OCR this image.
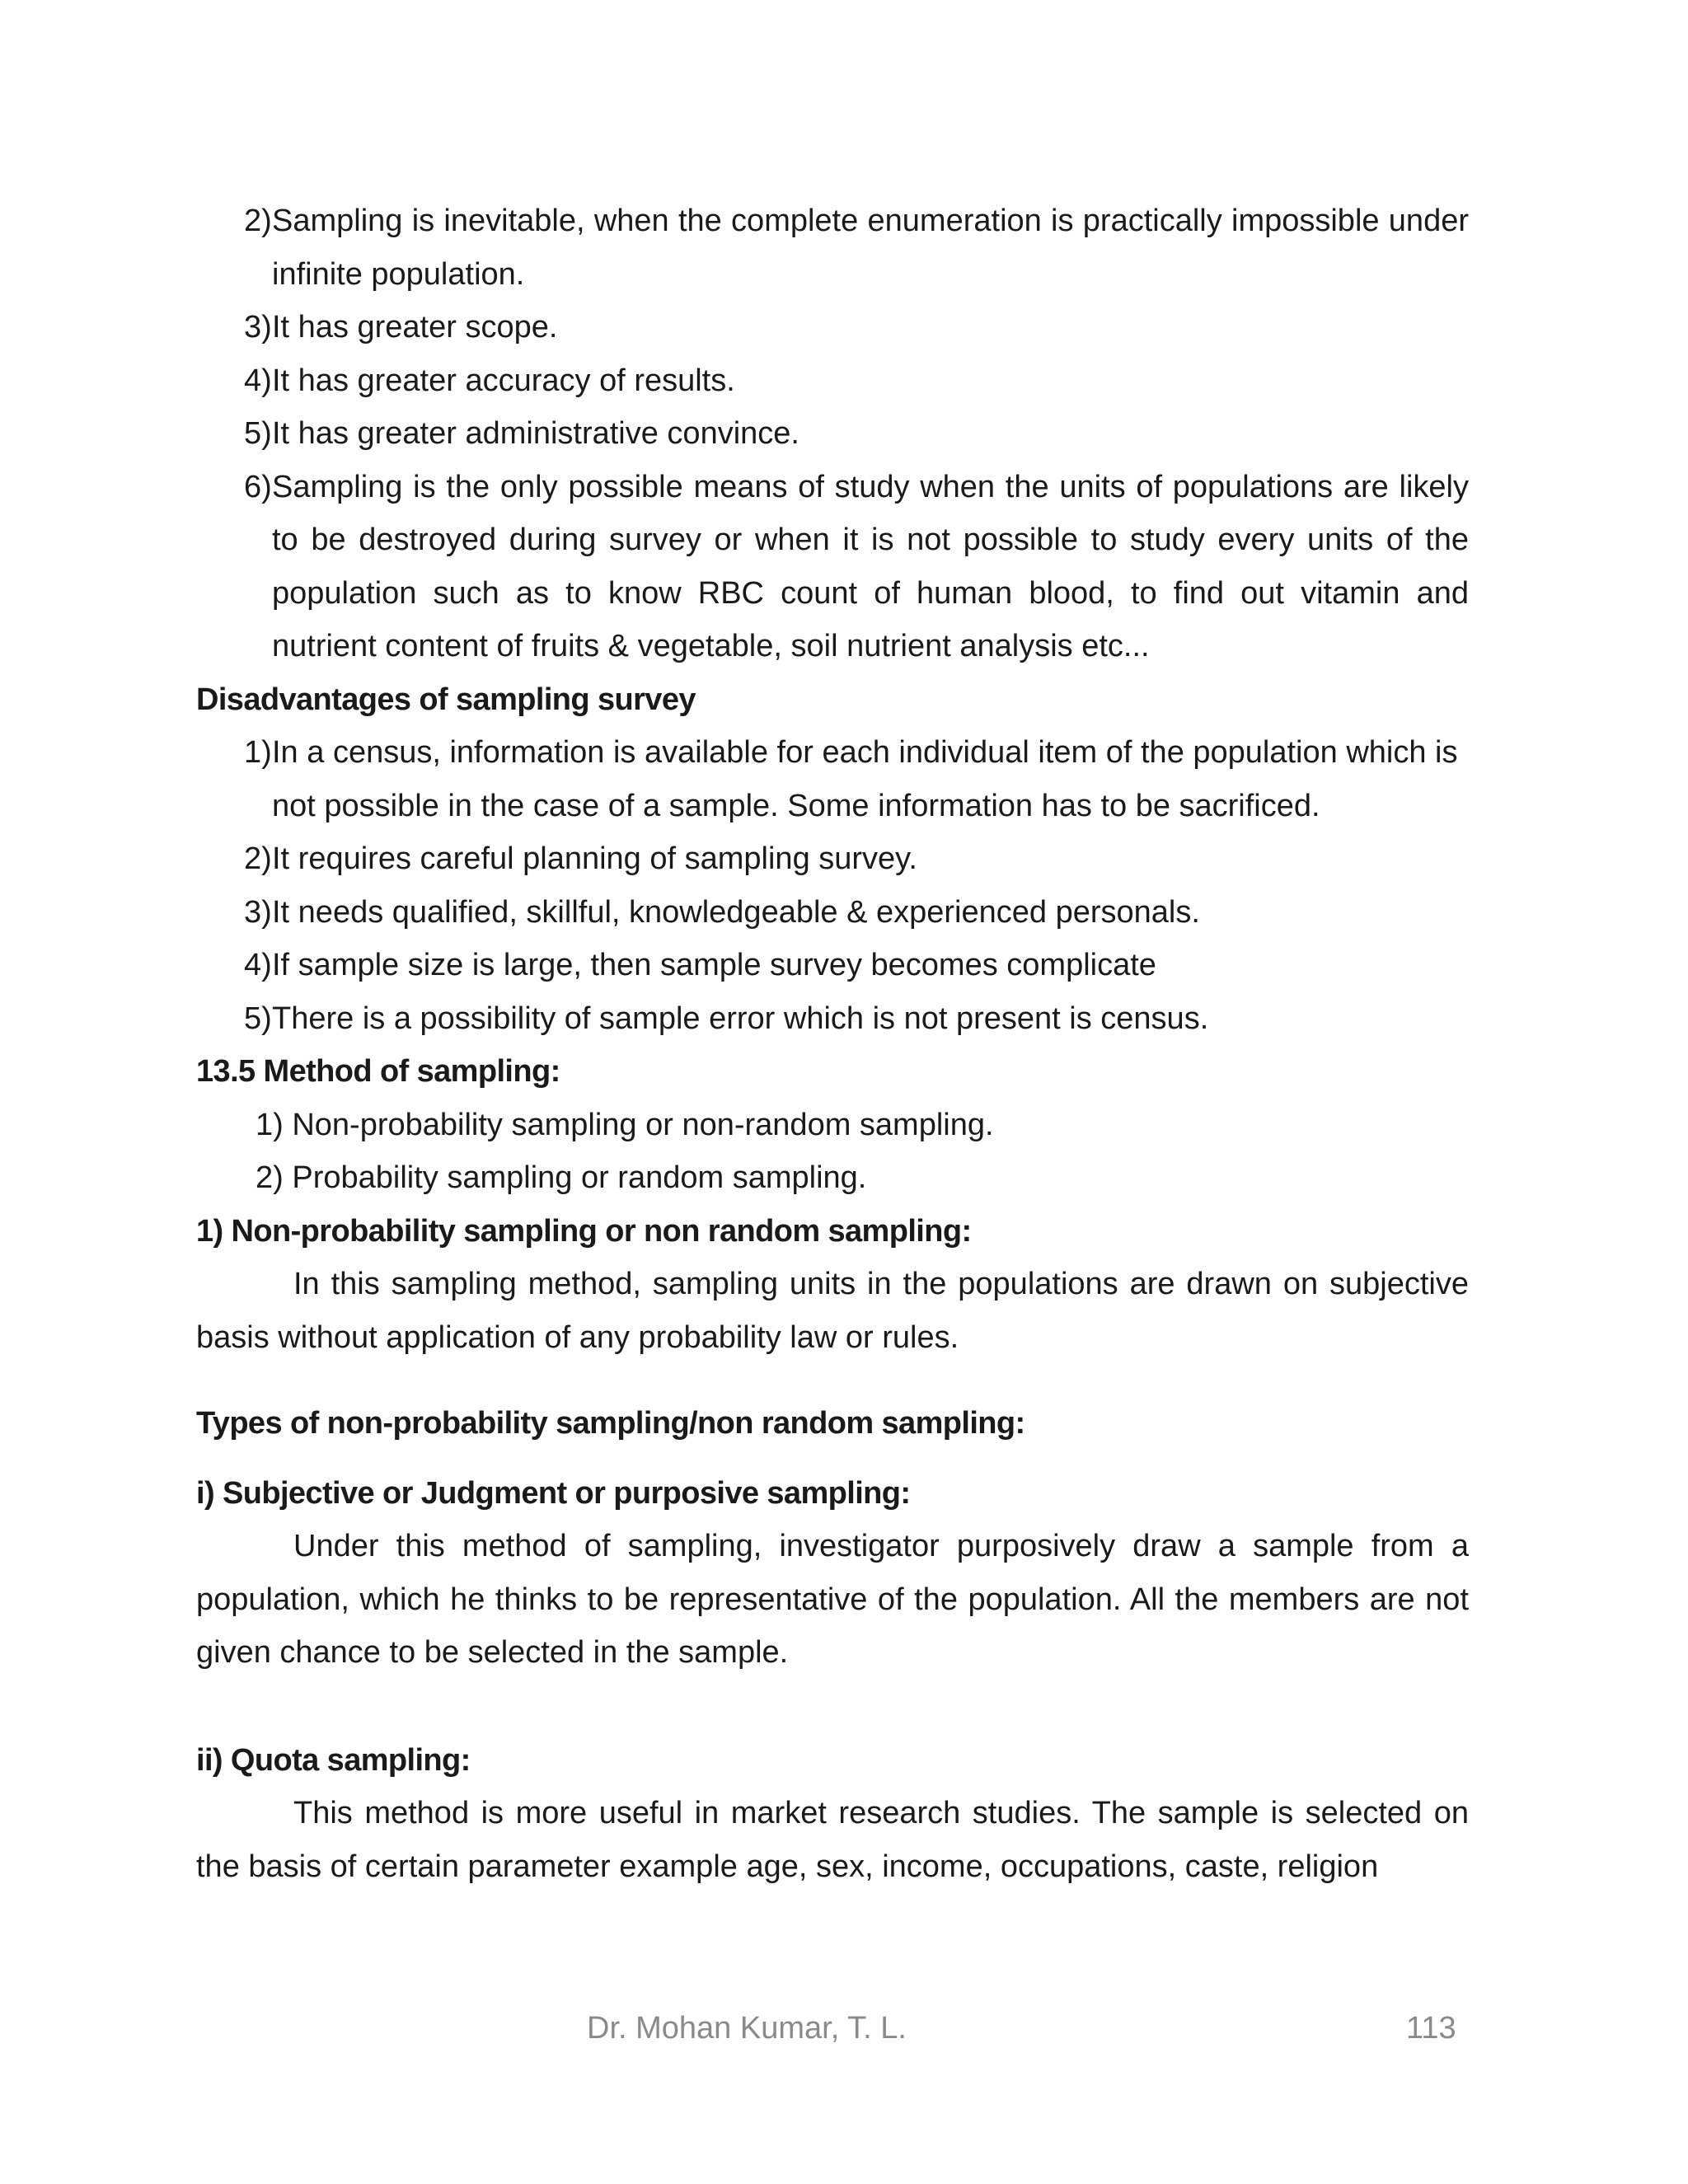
2) Sampling is inevitable, when the complete enumeration is practically impossible under infinite population.
3) It has greater scope.
4) It has greater accuracy of results.
5) It has greater administrative convince.
6) Sampling is the only possible means of study when the units of populations are likely to be destroyed during survey or when it is not possible to study every units of the population such as to know RBC count of human blood, to find out vitamin and nutrient content of fruits & vegetable, soil nutrient analysis etc...
Disadvantages of sampling survey
1) In a census, information is available for each individual item of the population which is not possible in the case of a sample. Some information has to be sacrificed.
2) It requires careful planning of sampling survey.
3) It needs qualified, skillful, knowledgeable & experienced personals.
4) If sample size is large, then sample survey becomes complicate
5) There is a possibility of sample error which is not present is census.
13.5 Method of sampling:
1) Non-probability sampling or non-random sampling.
2) Probability sampling or random sampling.
1) Non-probability sampling or non random sampling:
In this sampling method, sampling units in the populations are drawn on subjective basis without application of any probability law or rules.
Types of non-probability sampling/non random sampling:
i) Subjective or Judgment or purposive sampling:
Under this method of sampling, investigator purposively draw a sample from a population, which he thinks to be representative of the population. All the members are not given chance to be selected in the sample.
ii) Quota sampling:
This method is more useful in market research studies. The sample is selected on the basis of certain parameter example age, sex, income, occupations, caste, religion
Dr. Mohan Kumar, T. L.	113
